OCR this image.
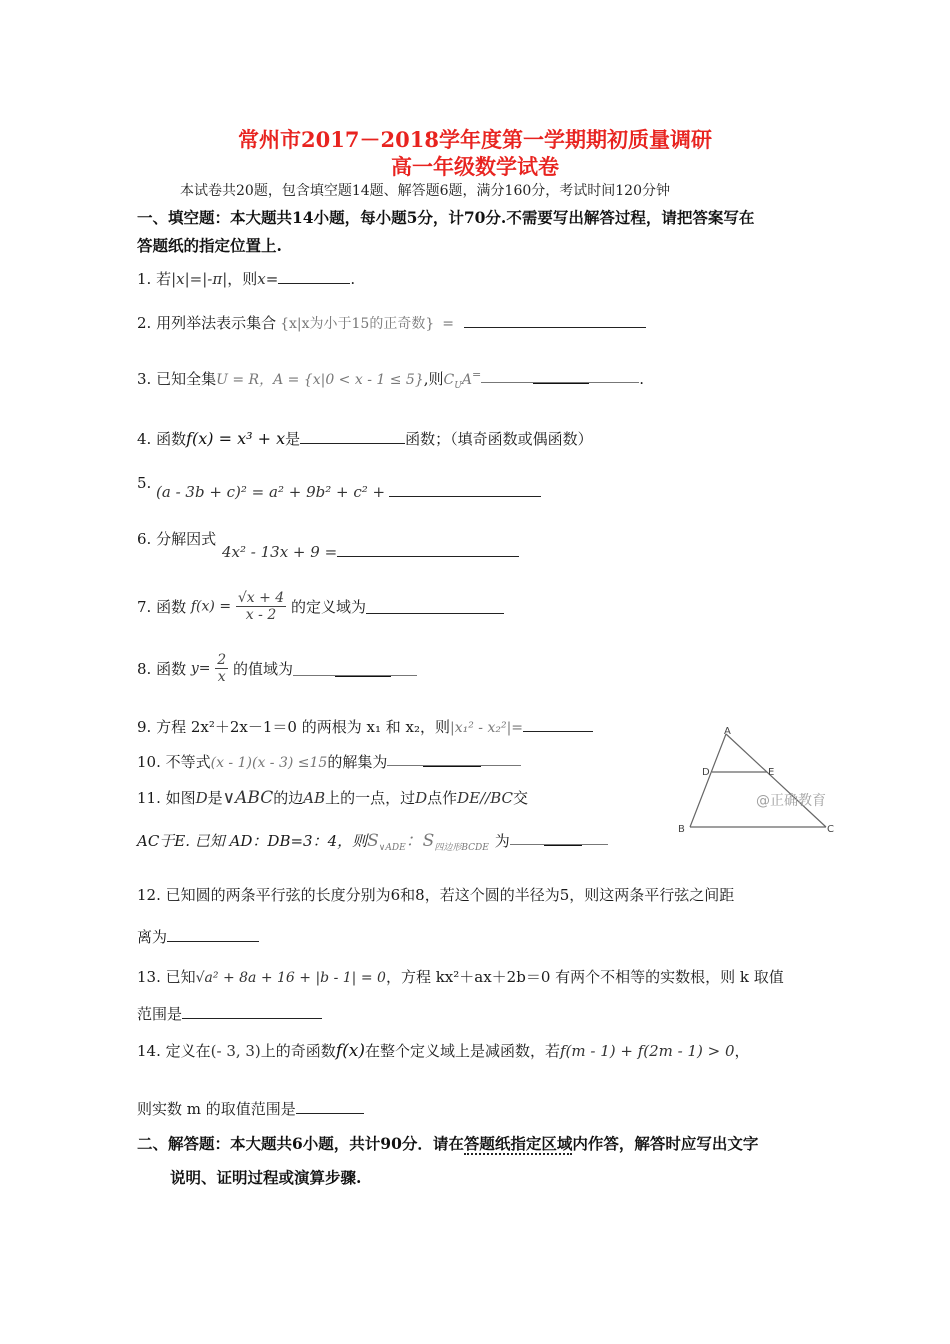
常州市2017－2018学年度第一学期期初质量调研
高一年级数学试卷
本试卷共20题，包含填空题14题、解答题6题，满分160分，考试时间120分钟
一、填空题：本大题共14小题，每小题5分，计70分.不需要写出解答过程，请把答案写在
答题纸的指定位置上.
1. 若|x|=|-π|，则x=	.
2. 用列举法表示集合 {x|x为小于15的正奇数} =
3. 已知全集U = R，A = {x|0 < x - 1 ≤ 5},则$C_UA^=$	.
4. 函数f(x) = x³ + x是	函数；（填奇函数或偶函数）
5. (a - 3b + c)² = a² + 9b² + c² +
6. 分解因式
4x² - 13x + 9 =
7. 函数 $f(x) = \frac{√x + 4}{x - 2}$ 的定义域为
8. 函数 $y= \frac{2}{x}$ 的值域为
9. 方程 2x²＋2x－1＝0 的两根为 x₁ 和 x₂，则|x₁² - x₂²|=
10. 不等式(x - 1)(x - 3) ≤15的解集为
11. 如图D是∨ABC的边AB上的一点，过D点作DE//BC交
AC于E. 已知 AD：DB=3：4，则$S_{\vee ADE}$：$S_{四边形BCDE}$ 为
A
D	E
B	C
@正确教育
12. 已知圆的两条平行弦的长度分别为6和8，若这个圆的半径为5，则这两条平行弦之间距
离为
13. 已知√a² + 8a + 16 + |b - 1| = 0，方程 kx²＋ax＋2b＝0 有两个不相等的实数根，则 k 取值
范围是
14. 定义在(- 3, 3)上的奇函数f(x)在整个定义域上是减函数，若f(m - 1) + f(2m - 1) > 0，
则实数 m 的取值范围是
二、解答题：本大题共6小题，共计90分．请在答题纸指定区域内作答，解答时应写出文字
说明、证明过程或演算步骤.
